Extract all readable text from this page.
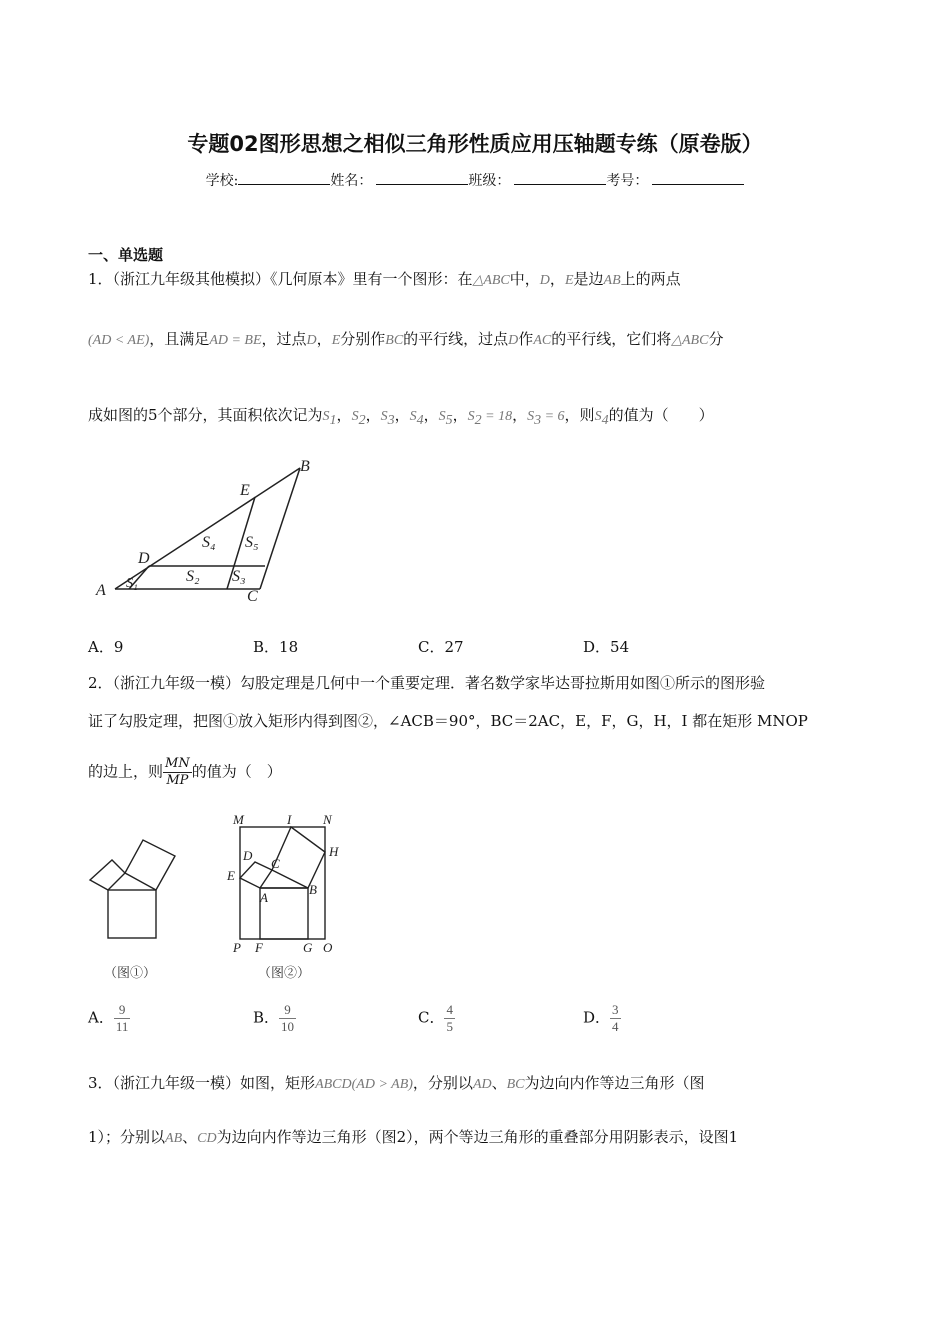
专题02图形思想之相似三角形性质应用压轴题专练（原卷版）
学校:	姓名：	班级：	考号：
一、单选题
1．（浙江九年级其他模拟）《几何原本》里有一个图形：在△ABC中，D，E是边AB上的两点
(AD < AE)，且满足AD = BE，过点D，E分别作BC的平行线，过点D作AC的平行线，它们将△ABC分
成如图的5个部分，其面积依次记为$S_1$，$S_2$，$S_3$，$S_4$，$S_5$，$S_2 = 18$，$S_3 = 6$，则$S_4$的值为（　　）
B
E
D
A	C
S₄ S₅
S₂ S₃
S₁
A．9	B．18	C．27	D．54
2．（浙江九年级一模）勾股定理是几何中一个重要定理．著名数学家毕达哥拉斯用如图①所示的图形验
证了勾股定理，把图①放入矩形内得到图②，∠ACB＝90°，BC＝2AC，E，F，G，H，I 都在矩形 MNOP
的边上，则 $\frac{MN}{MP}$ 的值为（　）
（图①）
M	I N
H
D
C
E
B
A
P F	G O
（图②）
A． $\frac{9}{11}$	B． $\frac{9}{10}$	C． $\frac{4}{5}$	D． $\frac{3}{4}$
3．（浙江九年级一模）如图，矩形ABCD(AD > AB)，分别以AD、BC为边向内作等边三角形（图
1）；分别以AB、CD为边向内作等边三角形（图2），两个等边三角形的重叠部分用阴影表示，设图1
